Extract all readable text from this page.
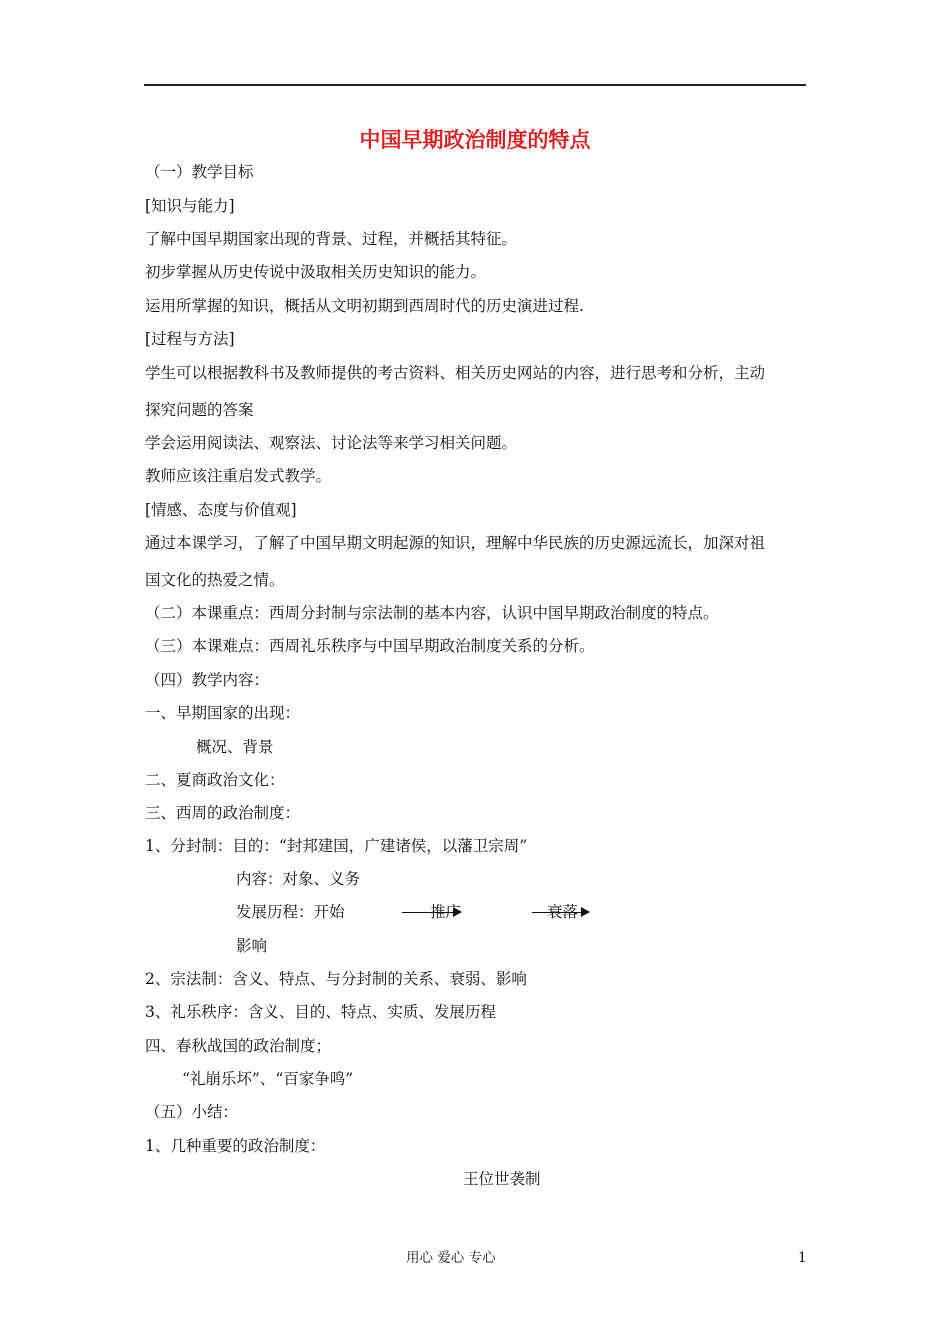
中国早期政治制度的特点
（一）教学目标
[知识与能力]
了解中国早期国家出现的背景、过程，并概括其特征。
初步掌握从历史传说中汲取相关历史知识的能力。
运用所掌握的知识，概括从文明初期到西周时代的历史演进过程.
[过程与方法]
学生可以根据教科书及教师提供的考古资料、相关历史网站的内容，进行思考和分析，主动
探究问题的答案
学会运用阅读法、观察法、讨论法等来学习相关问题。
教师应该注重启发式教学。
[情感、态度与价值观]
通过本课学习，了解了中国早期文明起源的知识，理解中华民族的历史源远流长，加深对祖
国文化的热爱之情。
（二）本课重点：西周分封制与宗法制的基本内容，认识中国早期政治制度的特点。
（三）本课难点：西周礼乐秩序与中国早期政治制度关系的分析。
（四）教学内容：
一、早期国家的出现：
概况、背景
二、夏商政治文化：
三、西周的政治制度：
1、分封制：目的：“封邦建国，广建诸侯，以藩卫宗周”
内容：对象、义务
发展历程：开始	推广	衰落
影响
2、宗法制：含义、特点、与分封制的关系、衰弱、影响
3、礼乐秩序：含义、目的、特点、实质、发展历程
四、春秋战国的政治制度；
“礼崩乐坏”、“百家争鸣”
（五）小结：
1、几种重要的政治制度：
王位世袭制
用心 爱心 专心	1
